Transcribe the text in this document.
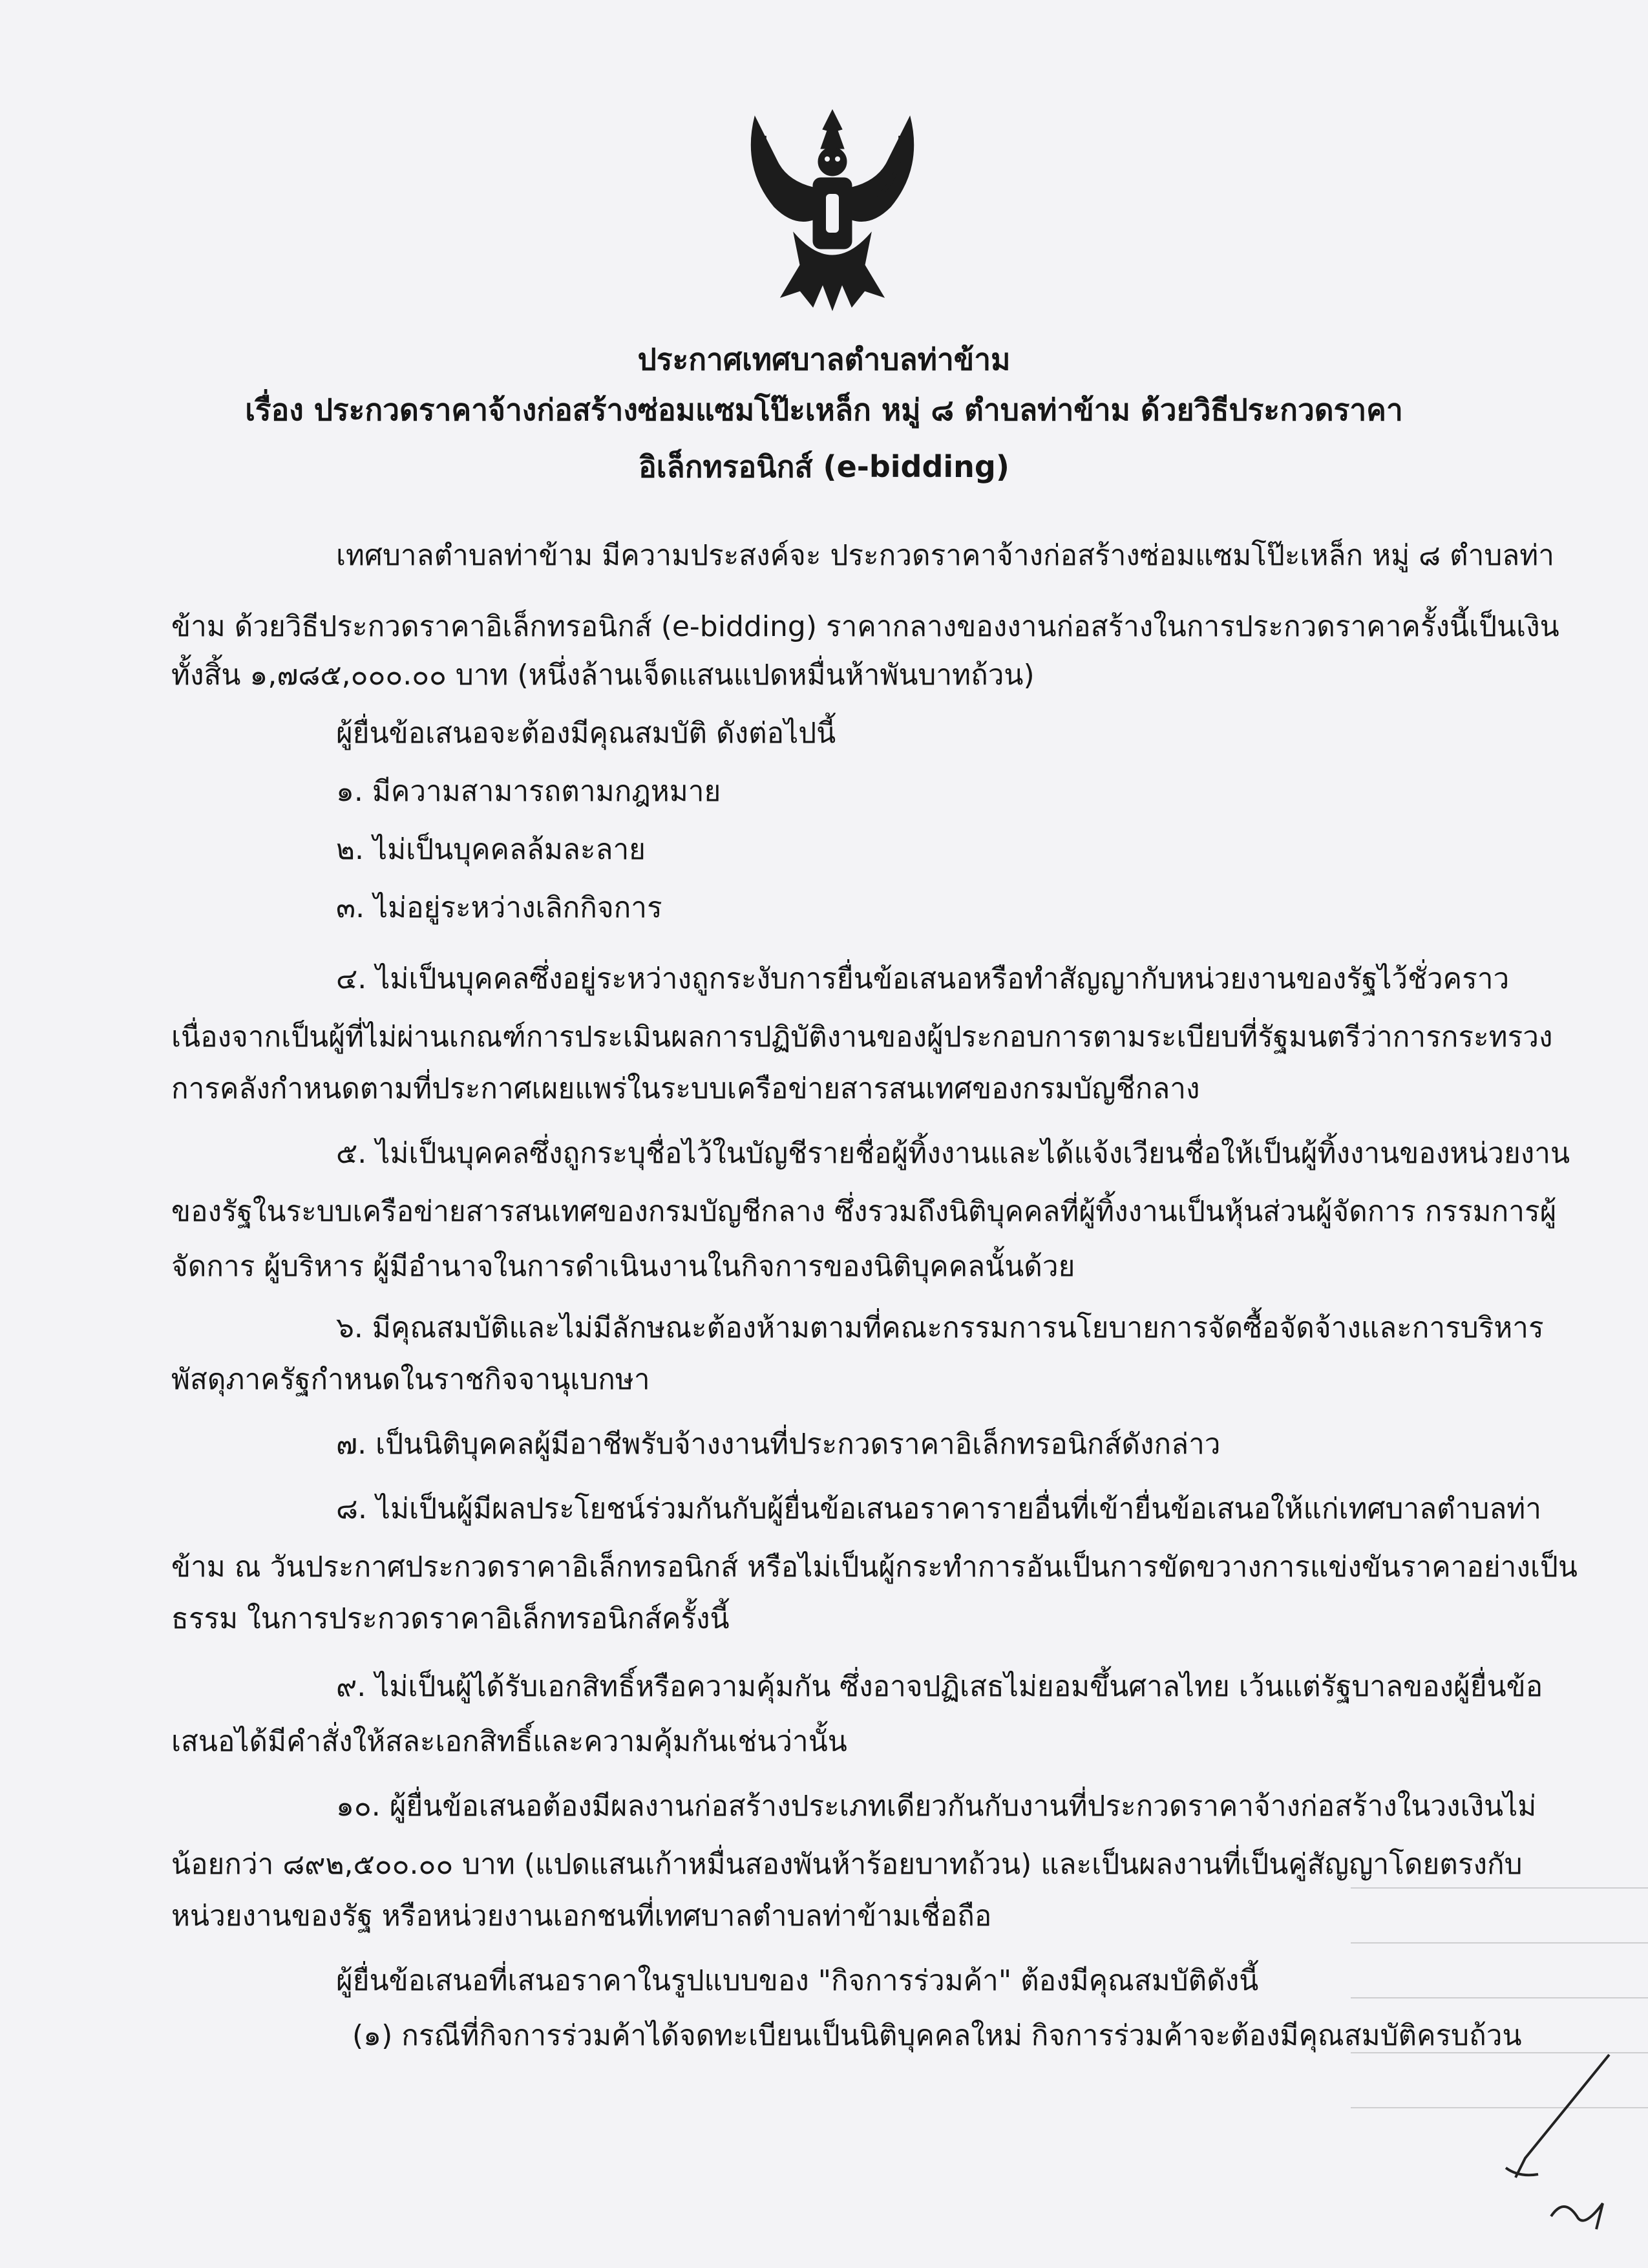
ประกาศเทศบาลตำบลท่าข้าม
เรื่อง ประกวดราคาจ้างก่อสร้างซ่อมแซมโป๊ะเหล็ก หมู่ ๘ ตำบลท่าข้าม ด้วยวิธีประกวดราคาอิเล็กทรอนิกส์ (e-bidding)
เทศบาลตำบลท่าข้าม มีความประสงค์จะ ประกวดราคาจ้างก่อสร้างซ่อมแซมโป๊ะเหล็ก หมู่ ๘ ตำบลท่า
ข้าม ด้วยวิธีประกวดราคาอิเล็กทรอนิกส์ (e-bidding) ราคากลางของงานก่อสร้างในการประกวดราคาครั้งนี้เป็นเงิน
ทั้งสิ้น ๑,๗๘๕,๐๐๐.๐๐ บาท (หนึ่งล้านเจ็ดแสนแปดหมื่นห้าพันบาทถ้วน)
ผู้ยื่นข้อเสนอจะต้องมีคุณสมบัติ ดังต่อไปนี้
๑. มีความสามารถตามกฎหมาย
๒. ไม่เป็นบุคคลล้มละลาย
๓. ไม่อยู่ระหว่างเลิกกิจการ
๔. ไม่เป็นบุคคลซึ่งอยู่ระหว่างถูกระงับการยื่นข้อเสนอหรือทำสัญญากับหน่วยงานของรัฐไว้ชั่วคราว
เนื่องจากเป็นผู้ที่ไม่ผ่านเกณฑ์การประเมินผลการปฏิบัติงานของผู้ประกอบการตามระเบียบที่รัฐมนตรีว่าการกระทรวง
การคลังกำหนดตามที่ประกาศเผยแพร่ในระบบเครือข่ายสารสนเทศของกรมบัญชีกลาง
๕. ไม่เป็นบุคคลซึ่งถูกระบุชื่อไว้ในบัญชีรายชื่อผู้ทิ้งงานและได้แจ้งเวียนชื่อให้เป็นผู้ทิ้งงานของหน่วยงาน
ของรัฐในระบบเครือข่ายสารสนเทศของกรมบัญชีกลาง ซึ่งรวมถึงนิติบุคคลที่ผู้ทิ้งงานเป็นหุ้นส่วนผู้จัดการ กรรมการผู้
จัดการ ผู้บริหาร ผู้มีอำนาจในการดำเนินงานในกิจการของนิติบุคคลนั้นด้วย
๖. มีคุณสมบัติและไม่มีลักษณะต้องห้ามตามที่คณะกรรมการนโยบายการจัดซื้อจัดจ้างและการบริหาร
พัสดุภาครัฐกำหนดในราชกิจจานุเบกษา
๗. เป็นนิติบุคคลผู้มีอาชีพรับจ้างงานที่ประกวดราคาอิเล็กทรอนิกส์ดังกล่าว
๘. ไม่เป็นผู้มีผลประโยชน์ร่วมกันกับผู้ยื่นข้อเสนอราคารายอื่นที่เข้ายื่นข้อเสนอให้แก่เทศบาลตำบลท่า
ข้าม ณ วันประกาศประกวดราคาอิเล็กทรอนิกส์ หรือไม่เป็นผู้กระทำการอันเป็นการขัดขวางการแข่งขันราคาอย่างเป็น
ธรรม ในการประกวดราคาอิเล็กทรอนิกส์ครั้งนี้
๙. ไม่เป็นผู้ได้รับเอกสิทธิ์หรือความคุ้มกัน ซึ่งอาจปฏิเสธไม่ยอมขึ้นศาลไทย เว้นแต่รัฐบาลของผู้ยื่นข้อ
เสนอได้มีคำสั่งให้สละเอกสิทธิ์และความคุ้มกันเช่นว่านั้น
๑๐. ผู้ยื่นข้อเสนอต้องมีผลงานก่อสร้างประเภทเดียวกันกับงานที่ประกวดราคาจ้างก่อสร้างในวงเงินไม่
น้อยกว่า ๘๙๒,๕๐๐.๐๐ บาท (แปดแสนเก้าหมื่นสองพันห้าร้อยบาทถ้วน) และเป็นผลงานที่เป็นคู่สัญญาโดยตรงกับ
หน่วยงานของรัฐ หรือหน่วยงานเอกชนที่เทศบาลตำบลท่าข้ามเชื่อถือ
ผู้ยื่นข้อเสนอที่เสนอราคาในรูปแบบของ "กิจการร่วมค้า" ต้องมีคุณสมบัติดังนี้
(๑) กรณีที่กิจการร่วมค้าได้จดทะเบียนเป็นนิติบุคคลใหม่ กิจการร่วมค้าจะต้องมีคุณสมบัติครบถ้วน
